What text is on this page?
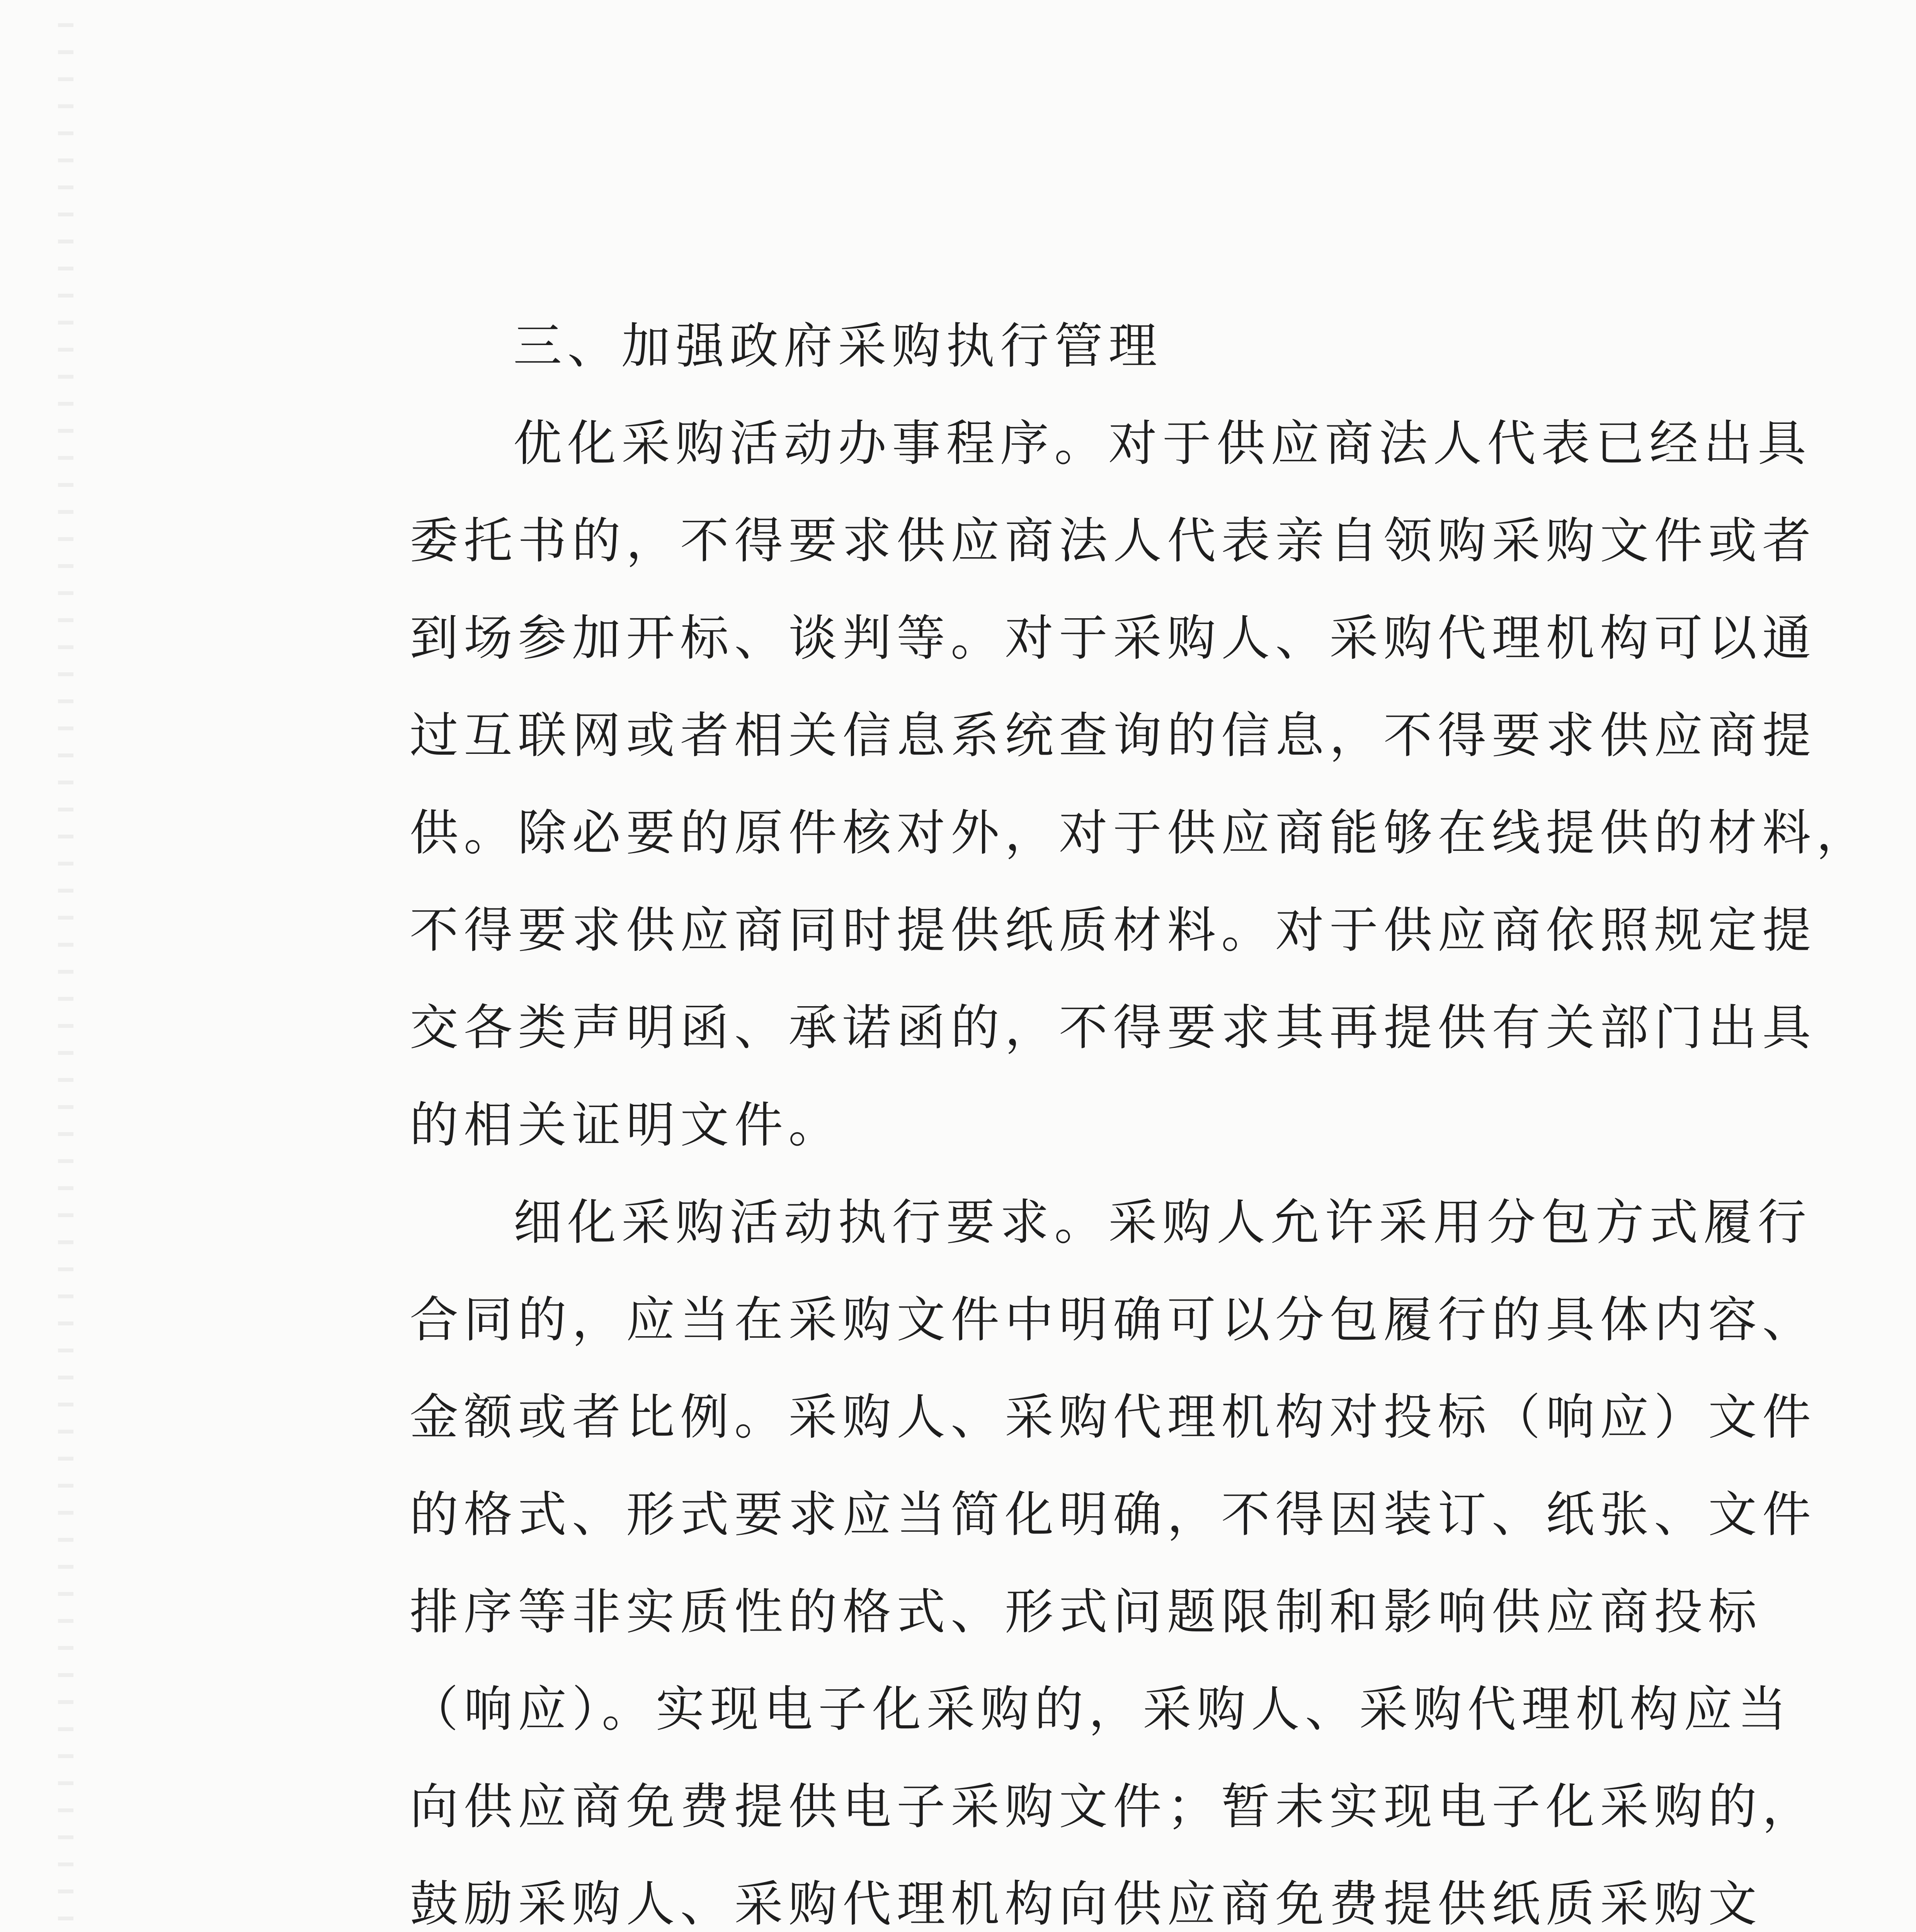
三、加强政府采购执行管理
优化采购活动办事程序。对于供应商法人代表已经出具
委托书的，不得要求供应商法人代表亲自领购采购文件或者
到场参加开标、谈判等。对于采购人、采购代理机构可以通
过互联网或者相关信息系统查询的信息，不得要求供应商提
供。除必要的原件核对外，对于供应商能够在线提供的材料，
不得要求供应商同时提供纸质材料。对于供应商依照规定提
交各类声明函、承诺函的，不得要求其再提供有关部门出具
的相关证明文件。
细化采购活动执行要求。采购人允许采用分包方式履行
合同的，应当在采购文件中明确可以分包履行的具体内容、
金额或者比例。采购人、采购代理机构对投标（响应）文件
的格式、形式要求应当简化明确，不得因装订、纸张、文件
排序等非实质性的格式、形式问题限制和影响供应商投标
（响应）。实现电子化采购的，采购人、采购代理机构应当
向供应商免费提供电子采购文件；暂未实现电子化采购的，
鼓励采购人、采购代理机构向供应商免费提供纸质采购文
